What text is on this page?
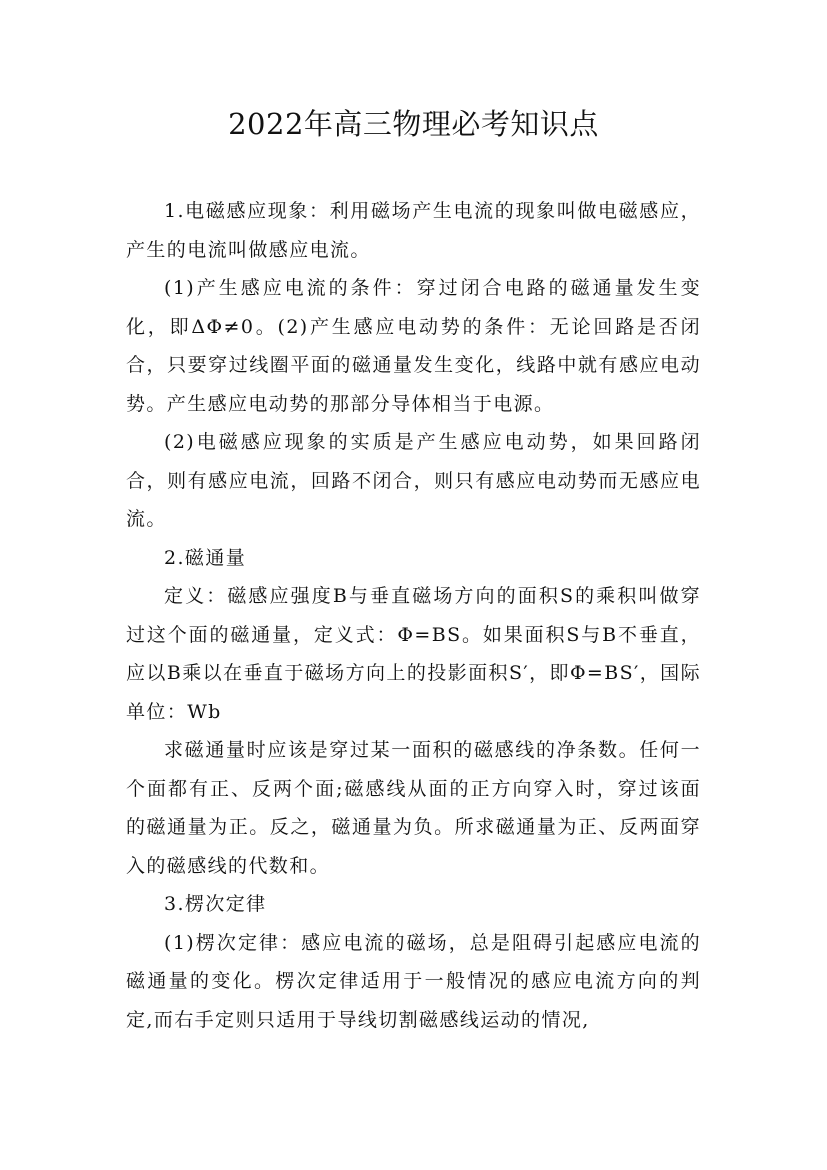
2022年高三物理必考知识点

1.电磁感应现象：利用磁场产生电流的现象叫做电磁感应，产生的电流叫做感应电流。

(1)产生感应电流的条件：穿过闭合电路的磁通量发生变化，即ΔΦ≠0。(2)产生感应电动势的条件：无论回路是否闭合，只要穿过线圈平面的磁通量发生变化，线路中就有感应电动势。产生感应电动势的那部分导体相当于电源。

(2)电磁感应现象的实质是产生感应电动势，如果回路闭合，则有感应电流，回路不闭合，则只有感应电动势而无感应电流。

2.磁通量

定义：磁感应强度B与垂直磁场方向的面积S的乘积叫做穿过这个面的磁通量，定义式：Φ=BS。如果面积S与B不垂直，应以B乘以在垂直于磁场方向上的投影面积S′，即Φ=BS′，国际单位：Wb

求磁通量时应该是穿过某一面积的磁感线的净条数。任何一个面都有正、反两个面;磁感线从面的正方向穿入时，穿过该面的磁通量为正。反之，磁通量为负。所求磁通量为正、反两面穿入的磁感线的代数和。

3.楞次定律

(1)楞次定律：感应电流的磁场，总是阻碍引起感应电流的磁通量的变化。楞次定律适用于一般情况的感应电流方向的判定,而右手定则只适用于导线切割磁感线运动的情况,
